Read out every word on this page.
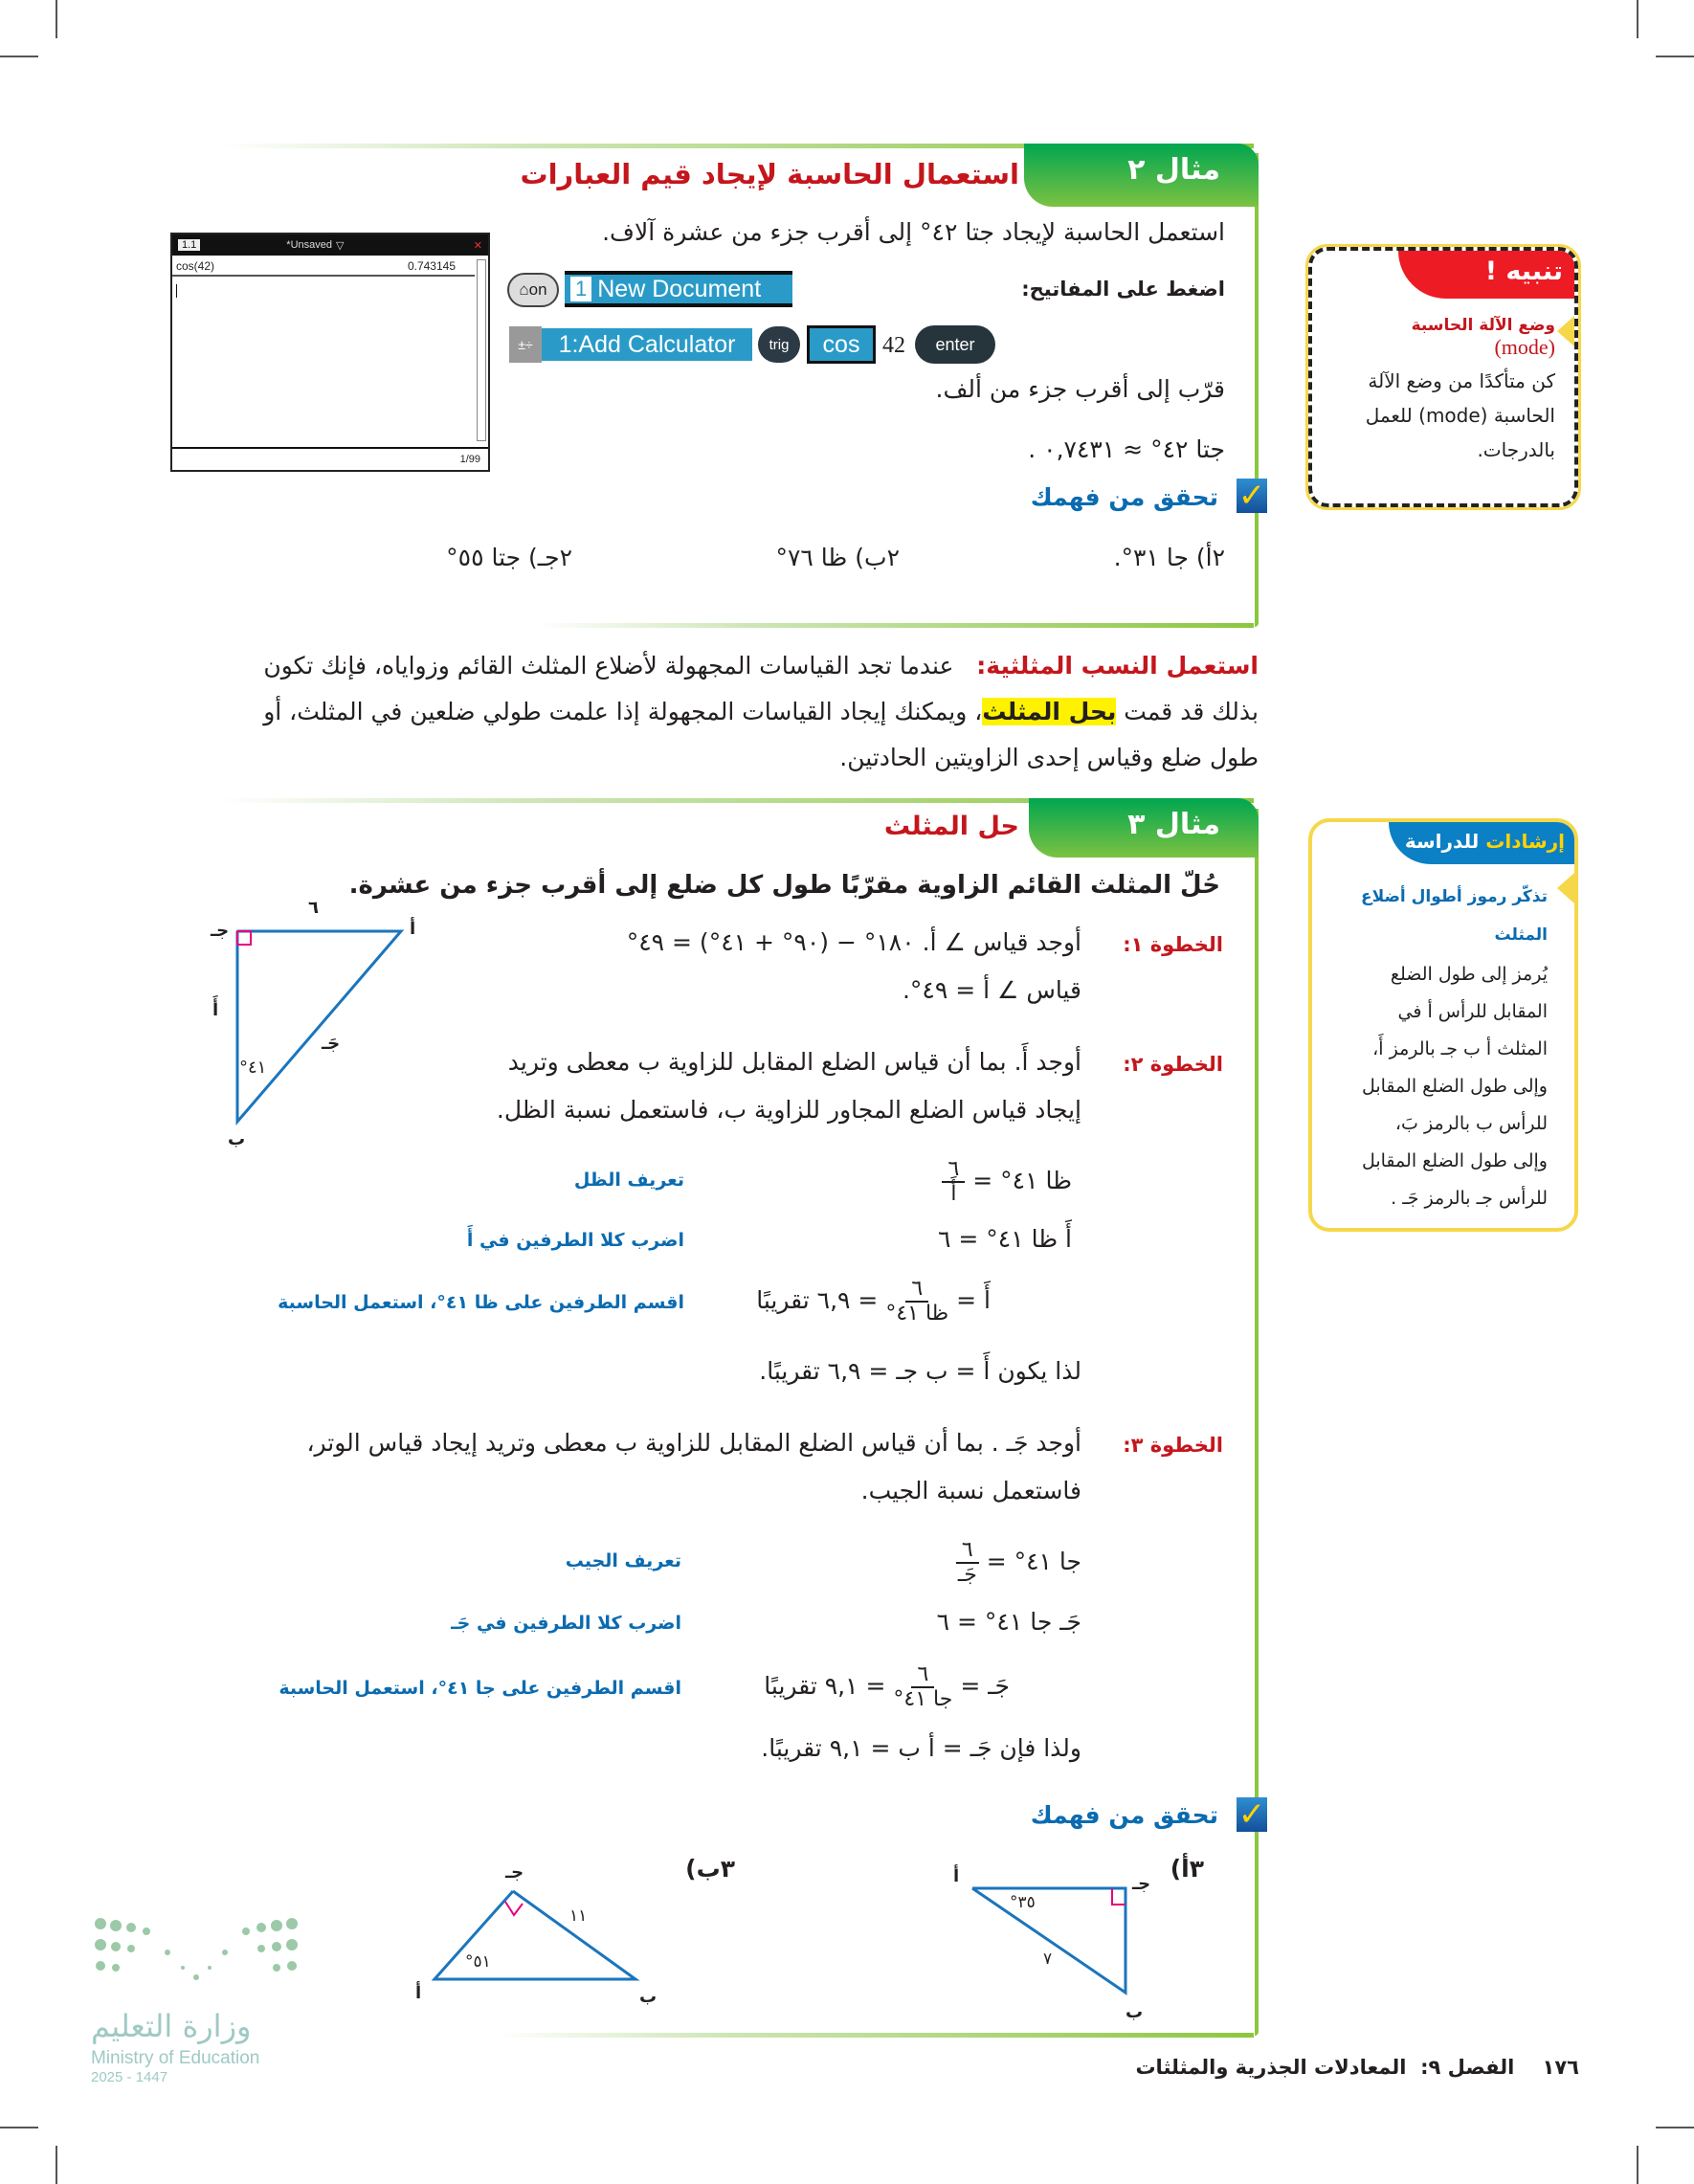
مثال ٢
استعمال الحاسبة لإيجاد قيم العبارات
استعمل الحاسبة لإيجاد جتا ٤٢° إلى أقرب جزء من عشرة آلاف.
اضغط على المفاتيح:
⌂ on 1 New Document
±÷	1:Add Calculator	trig	cos 42	enter
1.1	*Unsaved ▽	✕
cos(42)	0.743145
1/99
قرّب إلى أقرب جزء من ألف.
جتا ٤٢° ≈ ٠,٧٤٣١ .
✓
تحقق من فهمك
٢أ) جا ٣١°.
٢ب) ظا ٧٦°
٢جـ) جتا ٥٥°
تنبيه !
وضع الآلة الحاسبة
(mode)
كن متأكدًا من وضع الآلة
الحاسبة (mode) للعمل
بالدرجات.
استعمل النسب المثلثية:   عندما تجد القياسات المجهولة لأضلاع المثلث القائم وزواياه، فإنك تكون
بذلك قد قمت بحل المثلث، ويمكنك إيجاد القياسات المجهولة إذا علمت طولي ضلعين في المثلث، أو
طول ضلع وقياس إحدى الزاويتين الحادتين.
إرشادات للدراسة
تذكّر رموز أطوال أضلاع
المثلث
يُرمز إلى طول الضلع
المقابل للرأس أ في
المثلث أ ب جـ بالرمز أَ،
وإلى طول الضلع المقابل
للرأس ب بالرمز بَ،
وإلى طول الضلع المقابل
للرأس جـ بالرمز جَـ .
مثال ٣
حل المثلث
حُلّ المثلث القائم الزاوية مقرّبًا طول كل ضلع إلى أقرب جزء من عشرة.
جـ	أ
ب
٦
أَ
جَـ
٤١°
الخطوة ١:
أوجد قياس ∠ أ. ١٨٠° − (٩٠° + ٤١°) = ٤٩°
قياس ∠ أ = ٤٩°.
الخطوة ٢:
أوجد أَ. بما أن قياس الضلع المقابل للزاوية ب معطى وتريد
إيجاد قياس الضلع المجاور للزاوية ب، فاستعمل نسبة الظل.
ظا ٤١° =
$\frac{٦}{\text{أَ}}$
تعريف الظل
أَ ظا ٤١° = ٦
اضرب كلا الطرفين في أَ
أَ =
$\frac{٦}{\text{ظا ٤١°}}$
= ٦,٩ تقريبًا
اقسم الطرفين على ظا ٤١°، استعمل الحاسبة
لذا يكون أَ = ب جـ = ٦,٩ تقريبًا.
الخطوة ٣:
أوجد جَـ . بما أن قياس الضلع المقابل للزاوية ب معطى وتريد إيجاد قياس الوتر،
فاستعمل نسبة الجيب.
جا ٤١° =
$\frac{٦}{\text{جَـ}}$
تعريف الجيب
جَـ جا ٤١° = ٦
اضرب كلا الطرفين في جَـ
جَـ =
$\frac{٦}{\text{جا ٤١°}}$
= ٩,١ تقريبًا
اقسم الطرفين على جا ٤١°، استعمل الحاسبة
ولذا فإن جَـ = أ ب = ٩,١ تقريبًا.
✓
تحقق من فهمك
٣أ)
جـ
أ
ب
٣٥°
٧
٣ب)
جـ
أ	ب
٥١°
١١
١٧٦    الفصل ٩:  المعادلات الجذرية والمثلثات
وزارة التعليم
Ministry of Education
2025 - 1447
